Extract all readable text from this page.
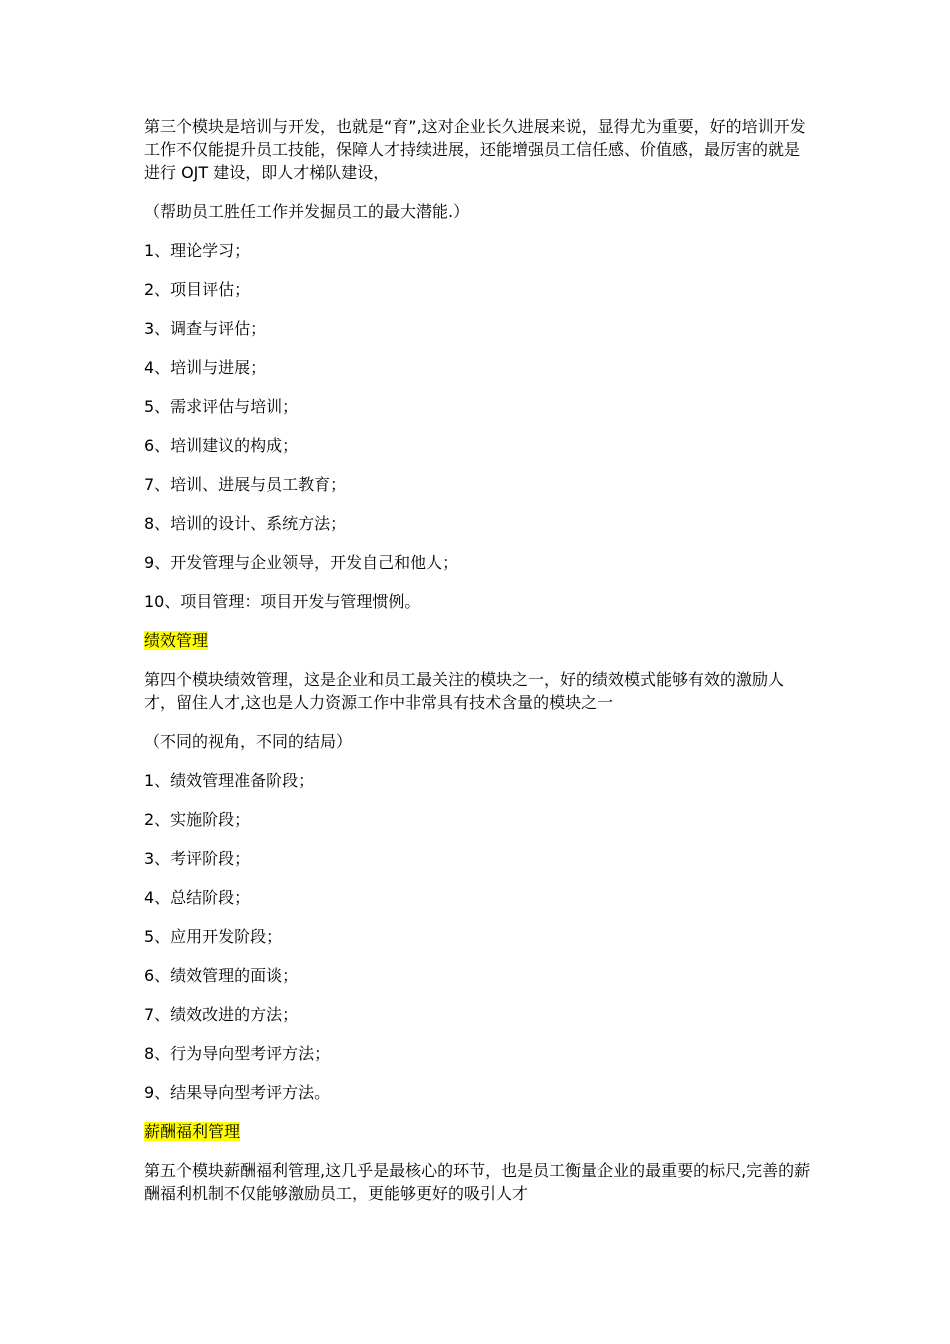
第三个模块是培训与开发，也就是“育”,这对企业长久进展来说，显得尤为重要，好的培训开发工作不仅能提升员工技能，保障人才持续进展，还能增强员工信任感、价值感，最厉害的就是进行 OJT 建设，即人才梯队建设，

（帮助员工胜任工作并发掘员工的最大潜能.）

1、理论学习；

2、项目评估；

3、调查与评估；

4、培训与进展；

5、需求评估与培训；

6、培训建议的构成；

7、培训、进展与员工教育；

8、培训的设计、系统方法；

9、开发管理与企业领导，开发自己和他人；

10、项目管理：项目开发与管理惯例。

绩效管理

第四个模块绩效管理，这是企业和员工最关注的模块之一，好的绩效模式能够有效的激励人才，留住人才,这也是人力资源工作中非常具有技术含量的模块之一

（不同的视角，不同的结局）

1、绩效管理准备阶段；

2、实施阶段；

3、考评阶段；

4、总结阶段；

5、应用开发阶段；

6、绩效管理的面谈；

7、绩效改进的方法；

8、行为导向型考评方法；

9、结果导向型考评方法。

薪酬福利管理

第五个模块薪酬福利管理,这几乎是最核心的环节，也是员工衡量企业的最重要的标尺,完善的薪酬福利机制不仅能够激励员工，更能够更好的吸引人才
